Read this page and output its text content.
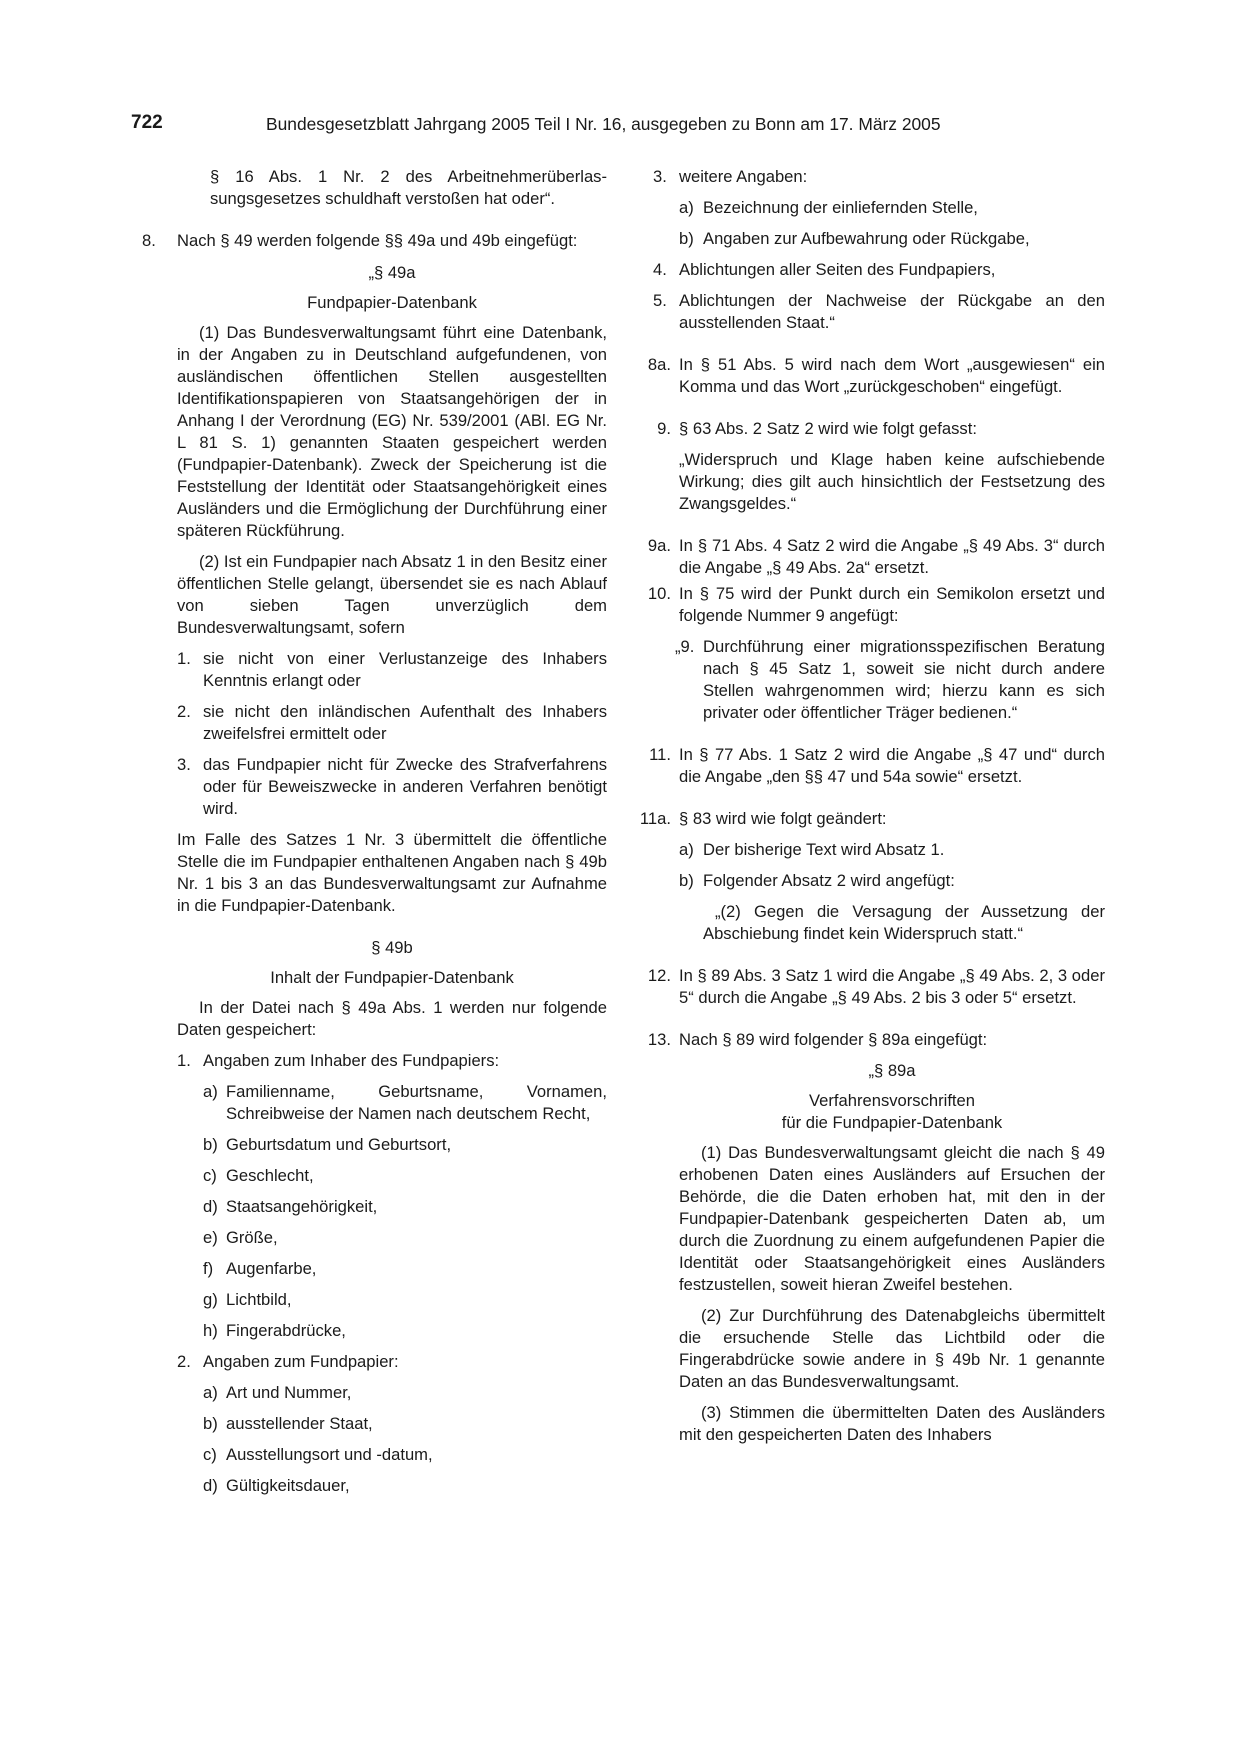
722	Bundesgesetzblatt Jahrgang 2005 Teil I Nr. 16, ausgegeben zu Bonn am 17. März 2005

§ 16 Abs. 1 Nr. 2 des Arbeitnehmerüberlas-

sungsgesetzes schuldhaft verstoßen hat oder“.

8. Nach § 49 werden folgende §§ 49a und 49b eingefügt:

„§ 49a

Fundpapier-Datenbank

(1) Das Bundesverwaltungsamt führt eine Datenbank, in der Angaben zu in Deutschland aufgefundenen, von ausländischen öffentlichen Stellen ausgestellten Identifikationspapieren von Staatsangehörigen der in Anhang I der Verordnung (EG) Nr. 539/2001 (ABl. EG Nr. L 81 S. 1) genannten Staaten gespeichert werden (Fundpapier-Datenbank). Zweck der Speicherung ist die Feststellung der Identität oder Staatsangehörigkeit eines Ausländers und die Ermöglichung der Durchführung einer späteren Rückführung.

(2) Ist ein Fundpapier nach Absatz 1 in den Besitz einer öffentlichen Stelle gelangt, übersendet sie es nach Ablauf von sieben Tagen unverzüglich dem Bundesverwaltungsamt, sofern

1. sie nicht von einer Verlustanzeige des Inhabers Kenntnis erlangt oder

2. sie nicht den inländischen Aufenthalt des Inhabers zweifelsfrei ermittelt oder

3. das Fundpapier nicht für Zwecke des Strafverfahrens oder für Beweiszwecke in anderen Verfahren benötigt wird.

Im Falle des Satzes 1 Nr. 3 übermittelt die öffentliche Stelle die im Fundpapier enthaltenen Angaben nach § 49b Nr. 1 bis 3 an das Bundesverwaltungsamt zur Aufnahme in die Fundpapier-Datenbank.

§ 49b

Inhalt der Fundpapier-Datenbank

In der Datei nach § 49a Abs. 1 werden nur folgende Daten gespeichert:

1. Angaben zum Inhaber des Fundpapiers:

a) Familienname, Geburtsname, Vornamen, Schreibweise der Namen nach deutschem Recht,

b) Geburtsdatum und Geburtsort,

c) Geschlecht,

d) Staatsangehörigkeit,

e) Größe,

f) Augenfarbe,

g) Lichtbild,

h) Fingerabdrücke,

2. Angaben zum Fundpapier:

a) Art und Nummer,

b) ausstellender Staat,

c) Ausstellungsort und -datum,

d) Gültigkeitsdauer,

3. weitere Angaben:

a) Bezeichnung der einliefernden Stelle,

b) Angaben zur Aufbewahrung oder Rückgabe,

4. Ablichtungen aller Seiten des Fundpapiers,

5. Ablichtungen der Nachweise der Rückgabe an den ausstellenden Staat.“

8a. In § 51 Abs. 5 wird nach dem Wort „ausgewiesen“ ein Komma und das Wort „zurückgeschoben“ eingefügt.

9. § 63 Abs. 2 Satz 2 wird wie folgt gefasst:

„Widerspruch und Klage haben keine aufschiebende Wirkung; dies gilt auch hinsichtlich der Festsetzung des Zwangsgeldes.“

9a. In § 71 Abs. 4 Satz 2 wird die Angabe „§ 49 Abs. 3“ durch die Angabe „§ 49 Abs. 2a“ ersetzt.

10. In § 75 wird der Punkt durch ein Semikolon ersetzt und folgende Nummer 9 angefügt:

„9. Durchführung einer migrationsspezifischen Beratung nach § 45 Satz 1, soweit sie nicht durch andere Stellen wahrgenommen wird; hierzu kann es sich privater oder öffentlicher Träger bedienen.“

11. In § 77 Abs. 1 Satz 2 wird die Angabe „§ 47 und“ durch die Angabe „den §§ 47 und 54a sowie“ ersetzt.

11a. § 83 wird wie folgt geändert:

a) Der bisherige Text wird Absatz 1.

b) Folgender Absatz 2 wird angefügt:

„(2) Gegen die Versagung der Aussetzung der Abschiebung findet kein Widerspruch statt.“

12. In § 89 Abs. 3 Satz 1 wird die Angabe „§ 49 Abs. 2, 3 oder 5“ durch die Angabe „§ 49 Abs. 2 bis 3 oder 5“ ersetzt.

13. Nach § 89 wird folgender § 89a eingefügt:

„§ 89a

Verfahrensvorschriften

für die Fundpapier-Datenbank

(1) Das Bundesverwaltungsamt gleicht die nach § 49 erhobenen Daten eines Ausländers auf Ersuchen der Behörde, die die Daten erhoben hat, mit den in der Fundpapier-Datenbank gespeicherten Daten ab, um durch die Zuordnung zu einem aufgefundenen Papier die Identität oder Staatsangehörigkeit eines Ausländers festzustellen, soweit hieran Zweifel bestehen.

(2) Zur Durchführung des Datenabgleichs übermittelt die ersuchende Stelle das Lichtbild oder die Fingerabdrücke sowie andere in § 49b Nr. 1 genannte Daten an das Bundesverwaltungsamt.

(3) Stimmen die übermittelten Daten des Ausländers mit den gespeicherten Daten des Inhabers
